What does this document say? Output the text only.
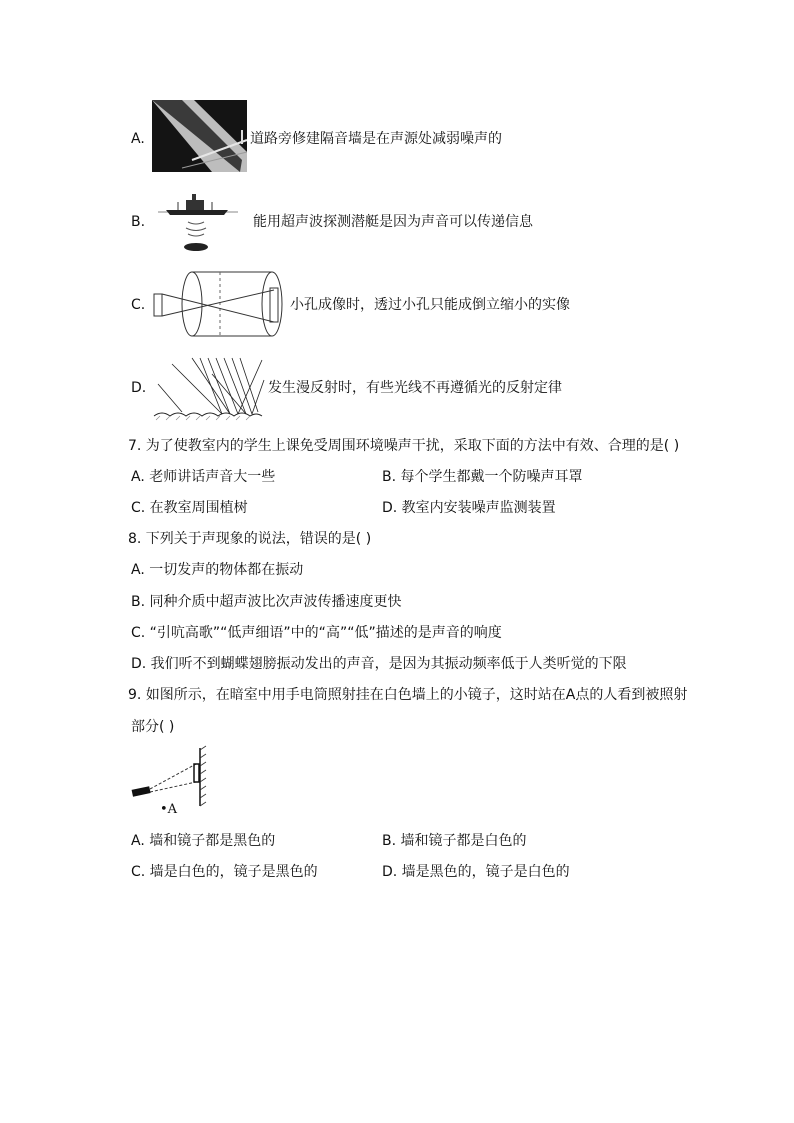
A.	道路旁修建隔音墙是在声源处减弱噪声的
B.	能用超声波探测潜艇是因为声音可以传递信息
C.	小孔成像时，透过小孔只能成倒立缩小的实像
D.	发生漫反射时，有些光线不再遵循光的反射定律
7. 为了使教室内的学生上课免受周围环境噪声干扰，采取下面的方法中有效、合理的是( )
A. 老师讲话声音大一些	B. 每个学生都戴一个防噪声耳罩
C. 在教室周围植树	D. 教室内安装噪声监测装置
8. 下列关于声现象的说法，错误的是( )
A. 一切发声的物体都在振动
B. 同种介质中超声波比次声波传播速度更快
C. “引吭高歌”“低声细语”中的“高”“低”描述的是声音的响度
D. 我们听不到蝴蝶翅膀振动发出的声音，是因为其振动频率低于人类听觉的下限
9. 如图所示，在暗室中用手电筒照射挂在白色墙上的小镜子，这时站在A点的人看到被照射
部分( )
•A
A. 墙和镜子都是黑色的	B. 墙和镜子都是白色的
C. 墙是白色的，镜子是黑色的	D. 墙是黑色的，镜子是白色的
